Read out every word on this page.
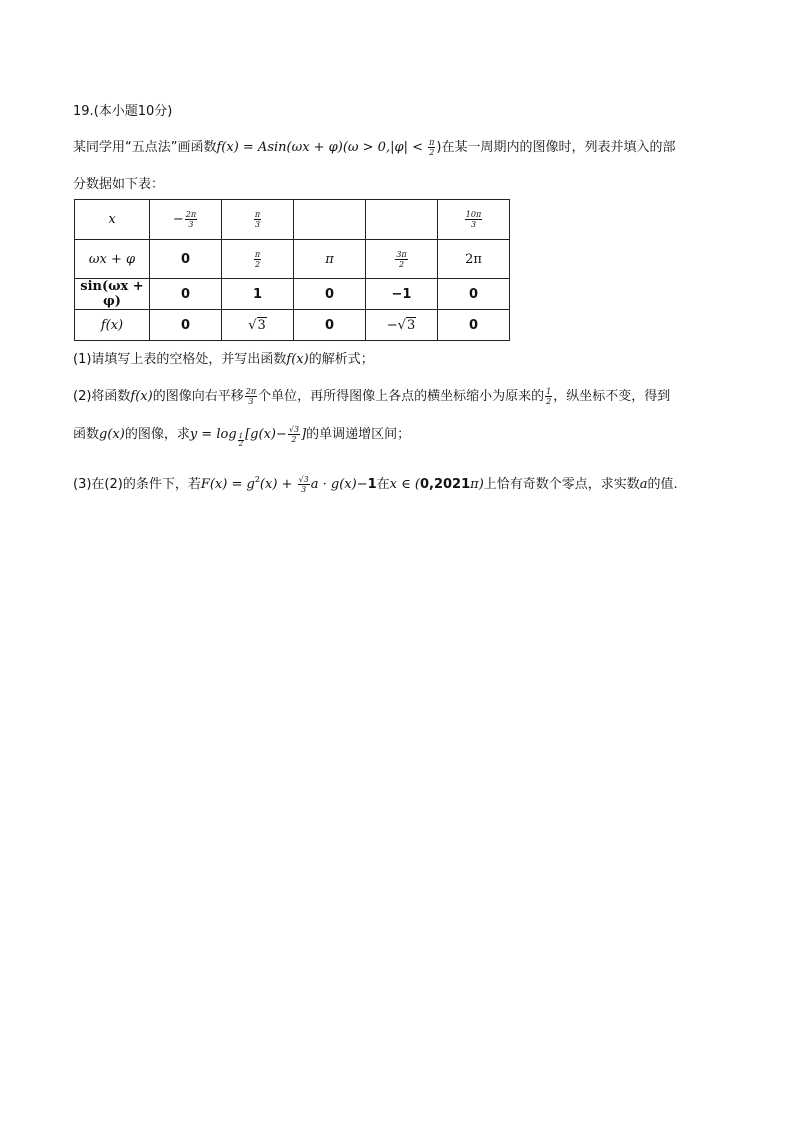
19.(本小题10分)
某同学用“五点法”画函数$f(x) = Asin(\omega x + \varphi)(\omega > 0,|\varphi| < \frac{\pi}{2}$ )在某一周期内的图像时，列表并填入的部
分数据如下表：
x	− $\frac{2\pi}{3}$	$\frac{\pi}{3}$			$\frac{10\pi}{3}$

ωx + φ	0	$\frac{\pi}{2}$	π	$\frac{3\pi}{2}$	2π
sin(ωx + φ)	0	1	0	−1	0
f(x)	0	√3	0	−√3	0
(1)请填写上表的空格处，并写出函数f(x)的解析式；
(2)将函数f(x)的图像向右平移 $\frac{2\pi}{3}$ 个单位，再所得图像上各点的横坐标缩小为原来的 $\frac{1}{2}$ ，纵坐标不变，得到
函数g(x)的图像，求$y = \log \frac{1}{2} [g(x)- \frac{√3}{2}$ ]的单调递增区间；
(3)在(2)的条件下，若$F(x) = g^2(x) + \frac{√3}{3}$ a · g(x)−1在x ∈ (0,2021π)上恰有奇数个零点，求实数a的值.
